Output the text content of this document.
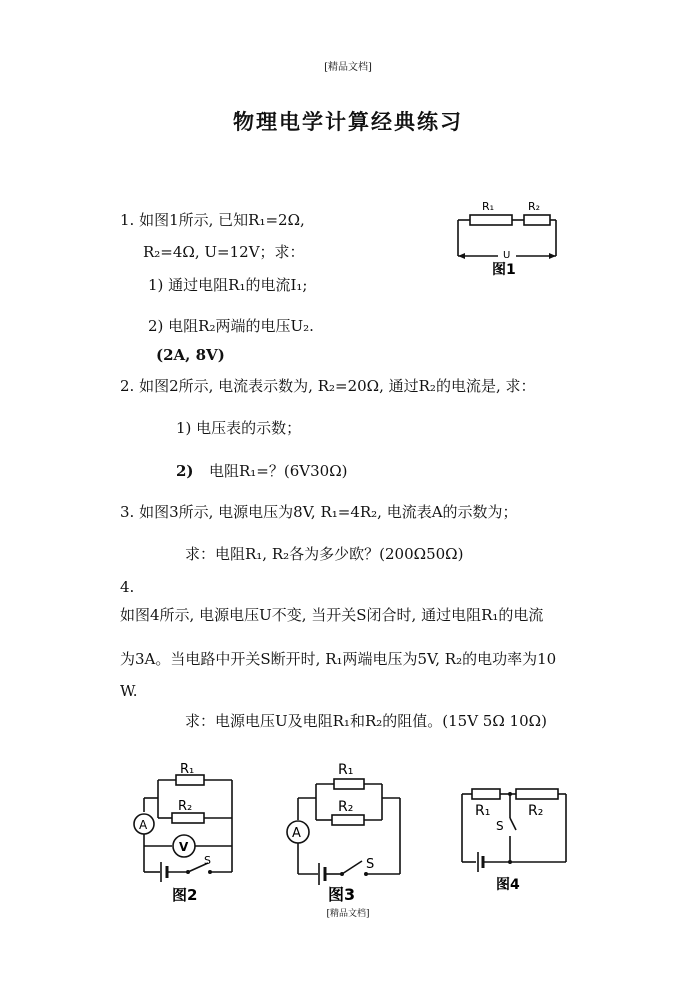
[精品文档]
物理电学计算经典练习
1. 如图1所示, 已知R₁=2Ω,
R₂=4Ω, U=12V；求：
1) 通过电阻R₁的电流I₁;
2) 电阻R₂两端的电压U₂.
(2A, 8V)
2. 如图2所示, 电流表示数为, R₂=20Ω, 通过R₂的电流是, 求：
1) 电压表的示数；
2) 电阻R₁=？(6V30Ω)
3. 如图3所示, 电源电压为8V, R₁=4R₂, 电流表A的示数为；
求：电阻R₁, R₂各为多少欧？(200Ω50Ω)
4.
如图4所示, 电源电压U不变, 当开关S闭合时, 通过电阻R₁的电流
为3A。当电路中开关S断开时, R₁两端电压为5V, R₂的电功率为10
W.
求：电源电压U及电阻R₁和R₂的阻值。(15V 5Ω 10Ω)
R₁	R₂
U
图1
R₁
R₂
A
V
S
图2
R₁
R₂
A
S
图3
R₁	R₂
S
图4
[精品文档]
